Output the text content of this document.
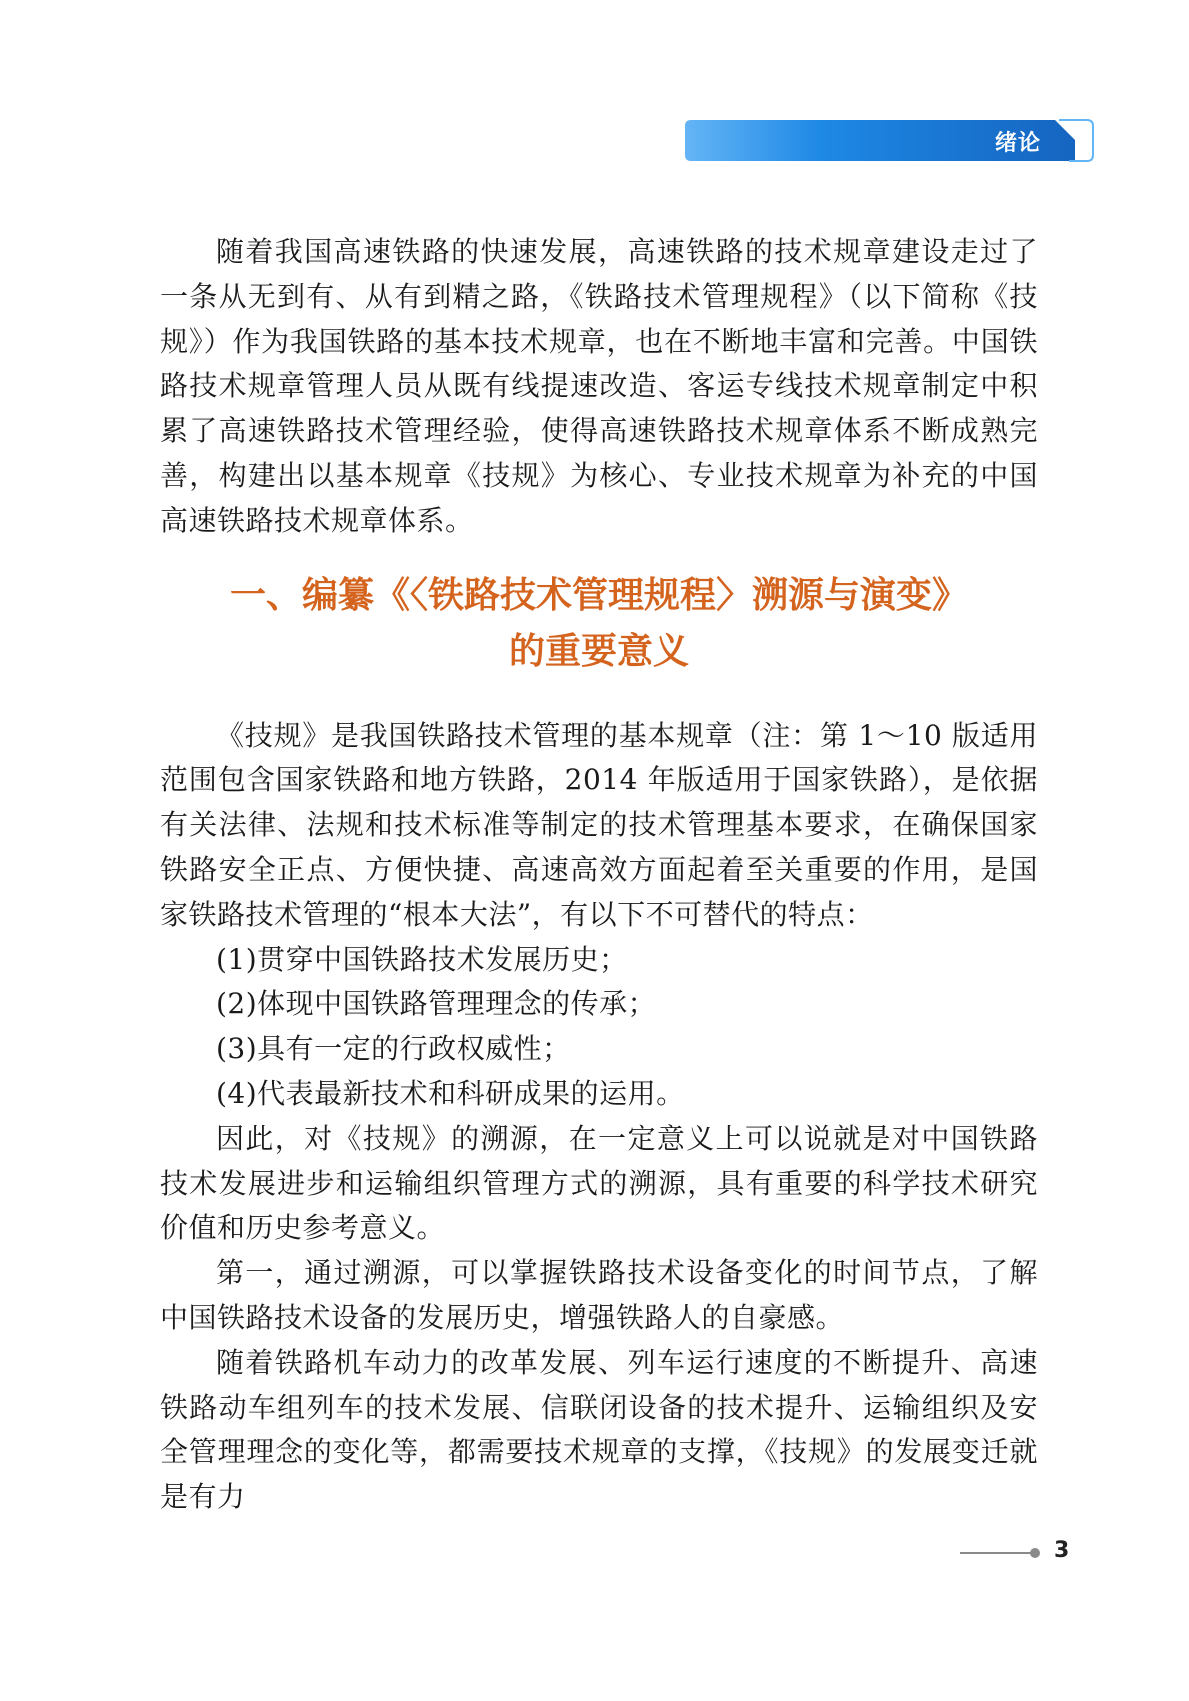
绪论

随着我国高速铁路的快速发展，高速铁路的技术规章建设走过了一条从无到有、从有到精之路，《铁路技术管理规程》（以下简称《技规》）作为我国铁路的基本技术规章，也在不断地丰富和完善。中国铁路技术规章管理人员从既有线提速改造、客运专线技术规章制定中积累了高速铁路技术管理经验，使得高速铁路技术规章体系不断成熟完善，构建出以基本规章《技规》为核心、专业技术规章为补充的中国高速铁路技术规章体系。

一、编纂《〈铁路技术管理规程〉溯源与演变》
的重要意义

《技规》是我国铁路技术管理的基本规章（注：第 1～10 版适用范围包含国家铁路和地方铁路，2014 年版适用于国家铁路），是依据有关法律、法规和技术标准等制定的技术管理基本要求，在确保国家铁路安全正点、方便快捷、高速高效方面起着至关重要的作用，是国家铁路技术管理的“根本大法”，有以下不可替代的特点：

(1)贯穿中国铁路技术发展历史；

(2)体现中国铁路管理理念的传承；

(3)具有一定的行政权威性；

(4)代表最新技术和科研成果的运用。

因此，对《技规》的溯源，在一定意义上可以说就是对中国铁路技术发展进步和运输组织管理方式的溯源，具有重要的科学技术研究价值和历史参考意义。

第一，通过溯源，可以掌握铁路技术设备变化的时间节点，了解中国铁路技术设备的发展历史，增强铁路人的自豪感。

随着铁路机车动力的改革发展、列车运行速度的不断提升、高速铁路动车组列车的技术发展、信联闭设备的技术提升、运输组织及安全管理理念的变化等，都需要技术规章的支撑，《技规》的发展变迁就是有力

3
